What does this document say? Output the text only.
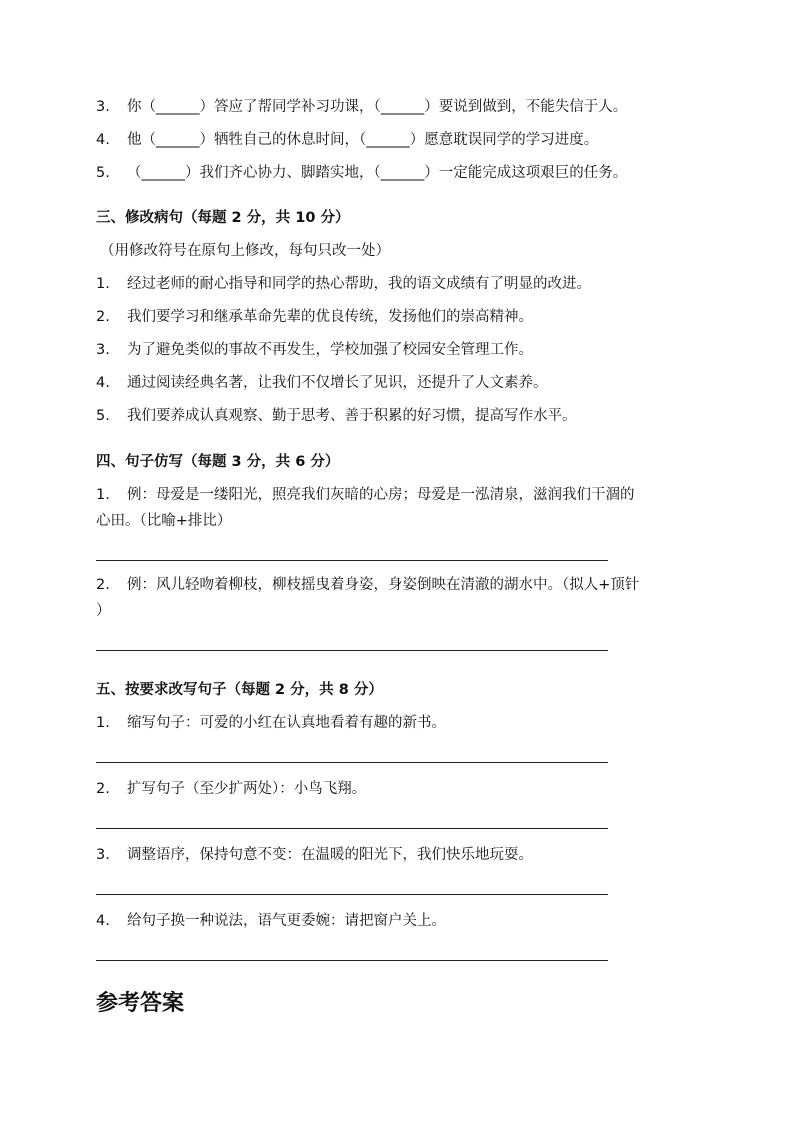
3. 你（______）答应了帮同学补习功课，（______）要说到做到，不能失信于人。
4. 他（______）牺牲自己的休息时间，（______）愿意耽误同学的学习进度。
5. （______）我们齐心协力、脚踏实地，（______）一定能完成这项艰巨的任务。
三、修改病句（每题 2 分，共 10 分）
（用修改符号在原句上修改，每句只改一处）
1. 经过老师的耐心指导和同学的热心帮助，我的语文成绩有了明显的改进。
2. 我们要学习和继承革命先辈的优良传统，发扬他们的崇高精神。
3. 为了避免类似的事故不再发生，学校加强了校园安全管理工作。
4. 通过阅读经典名著，让我们不仅增长了见识，还提升了人文素养。
5. 我们要养成认真观察、勤于思考、善于积累的好习惯，提高写作水平。
四、句子仿写（每题 3 分，共 6 分）
1. 例：母爱是一缕阳光，照亮我们灰暗的心房；母爱是一泓清泉，滋润我们干涸的
心田。（比喻+排比）
2. 例：风儿轻吻着柳枝，柳枝摇曳着身姿，身姿倒映在清澈的湖水中。（拟人+顶针
）
五、按要求改写句子（每题 2 分，共 8 分）
1. 缩写句子：可爱的小红在认真地看着有趣的新书。
2. 扩写句子（至少扩两处）：小鸟飞翔。
3. 调整语序，保持句意不变：在温暖的阳光下，我们快乐地玩耍。
4. 给句子换一种说法，语气更委婉：请把窗户关上。
参考答案
